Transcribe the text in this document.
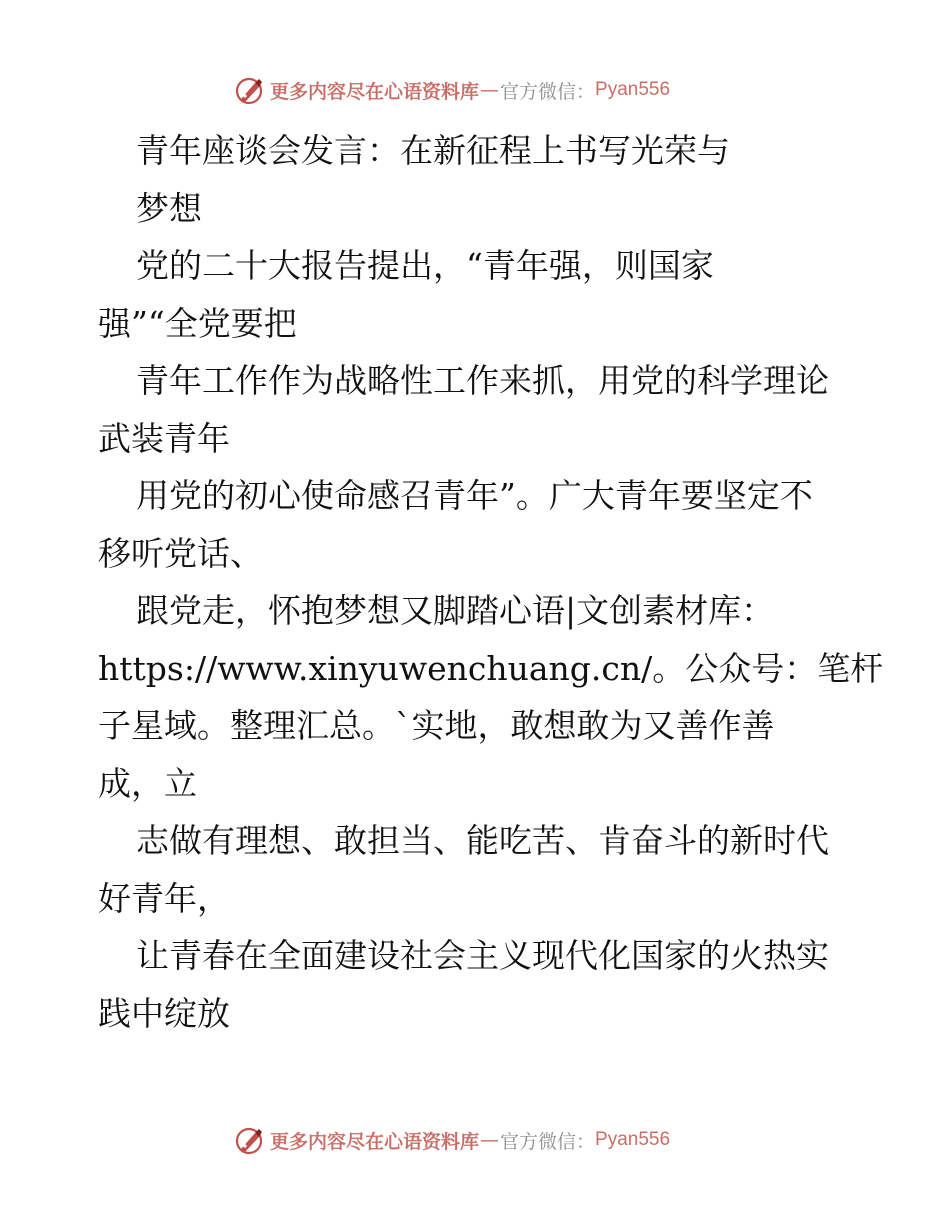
更多内容尽在心语资料库 — 官方微信： Pyan556
青年座谈会发言：在新征程上书写光荣与
梦想
党的二十大报告提出，“青年强，则国家
强”“全党要把
青年工作作为战略性工作来抓，用党的科学理论
武装青年
用党的初心使命感召青年”。广大青年要坚定不
移听党话、
跟党走，怀抱梦想又脚踏心语|文创素材库：
https://www.xinyuwenchuang.cn/。公众号：笔杆
子星域。整理汇总。`实地，敢想敢为又善作善
成，立
志做有理想、敢担当、能吃苦、肯奋斗的新时代
好青年，
让青春在全面建设社会主义现代化国家的火热实
践中绽放
更多内容尽在心语资料库 — 官方微信： Pyan556
